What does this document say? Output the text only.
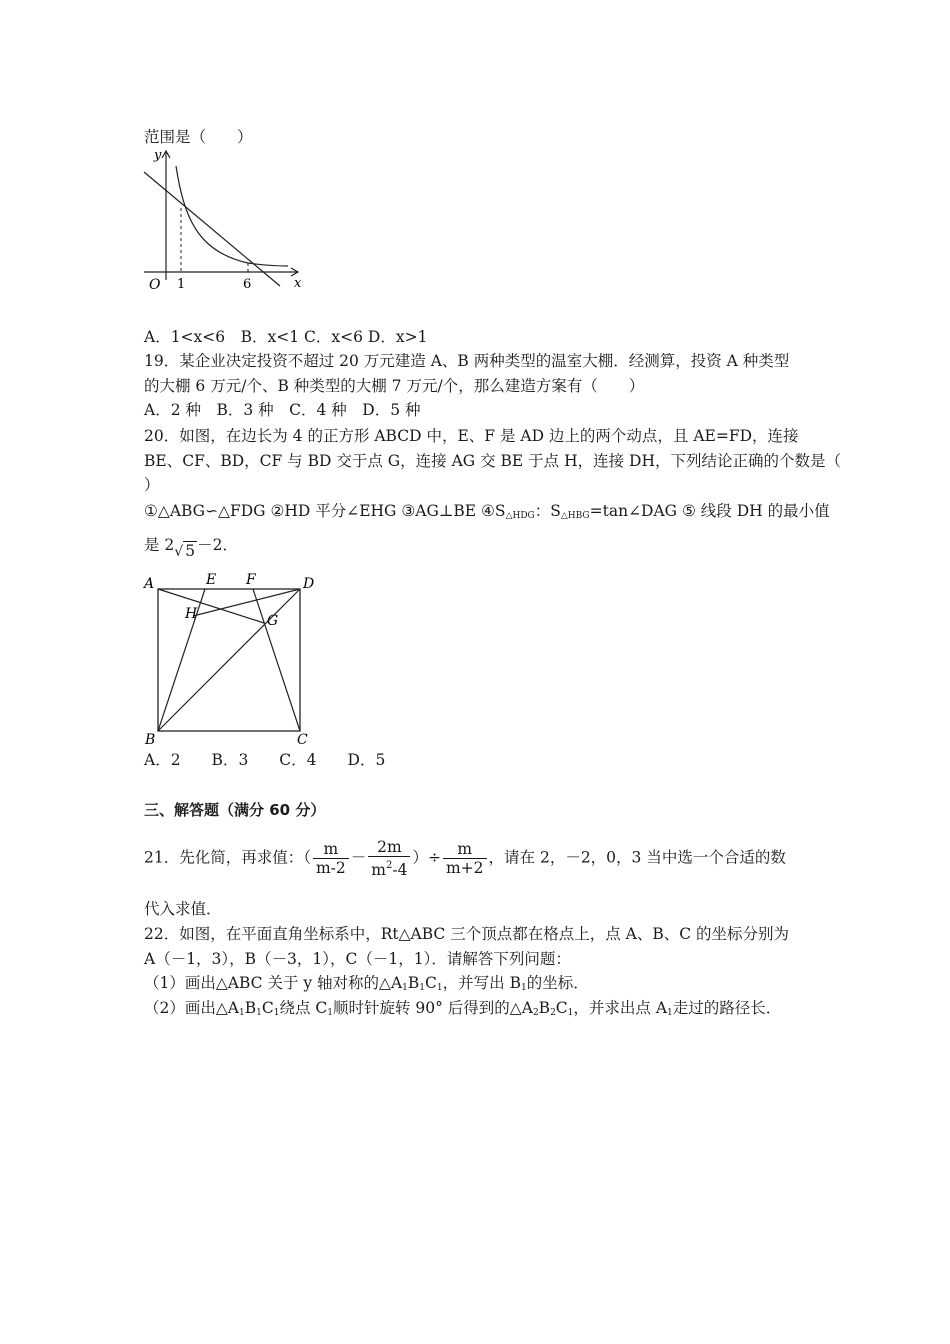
范围是（　　）
y
x
O 1	6
A．1<x<6　B．x<1 C．x<6 D．x>1
19．某企业决定投资不超过 20 万元建造 A、B 两种类型的温室大棚．经测算，投资 A 种类型
的大棚 6 万元/个、B 种类型的大棚 7 万元/个，那么建造方案有（　　）
A．2 种　B．3 种　C．4 种　D．5 种
20．如图，在边长为 4 的正方形 ABCD 中，E、F 是 AD 边上的两个动点，且 AE=FD，连接
BE、CF、BD，CF 与 BD 交于点 G，连接 AG 交 BE 于点 H，连接 DH，下列结论正确的个数是（
）
①△ABG∽△FDG ②HD 平分∠EHG ③AG⊥BE $④S_{\triangle HDG}$：$S_{\triangle HBG}=\tan\angle DAG$ ⑤ 线段 DH 的最小值
是 2√ 5 －2．
A	E F	D
H	G
B	C
A．2　　B．3　　C．4　　D．5
三、解答题（满分 60 分）
21．先化简，再求值：（ $\frac{m}{m-2} - \frac{2m}{m^2-4}$ ）÷ $\frac{m}{m+2}$ ，请在 2，－2，0，3 当中选一个合适的数
代入求值．
22．如图，在平面直角坐标系中，Rt△ABC 三个顶点都在格点上，点 A、B、C 的坐标分别为
A（－1，3），B（－3，1），C（－1，1）．请解答下列问题：
（1）画出△ABC 关于 y 轴对称的$\triangle A_1B_1C_1$，并写出 $B_1$的坐标．
（2）画出$\triangle A_1B_1C_1$绕点 $C_1$顺时针旋转 90° 后得到的$\triangle A_2B_2C_1$，并求出点 $A_1$走过的路径长．
